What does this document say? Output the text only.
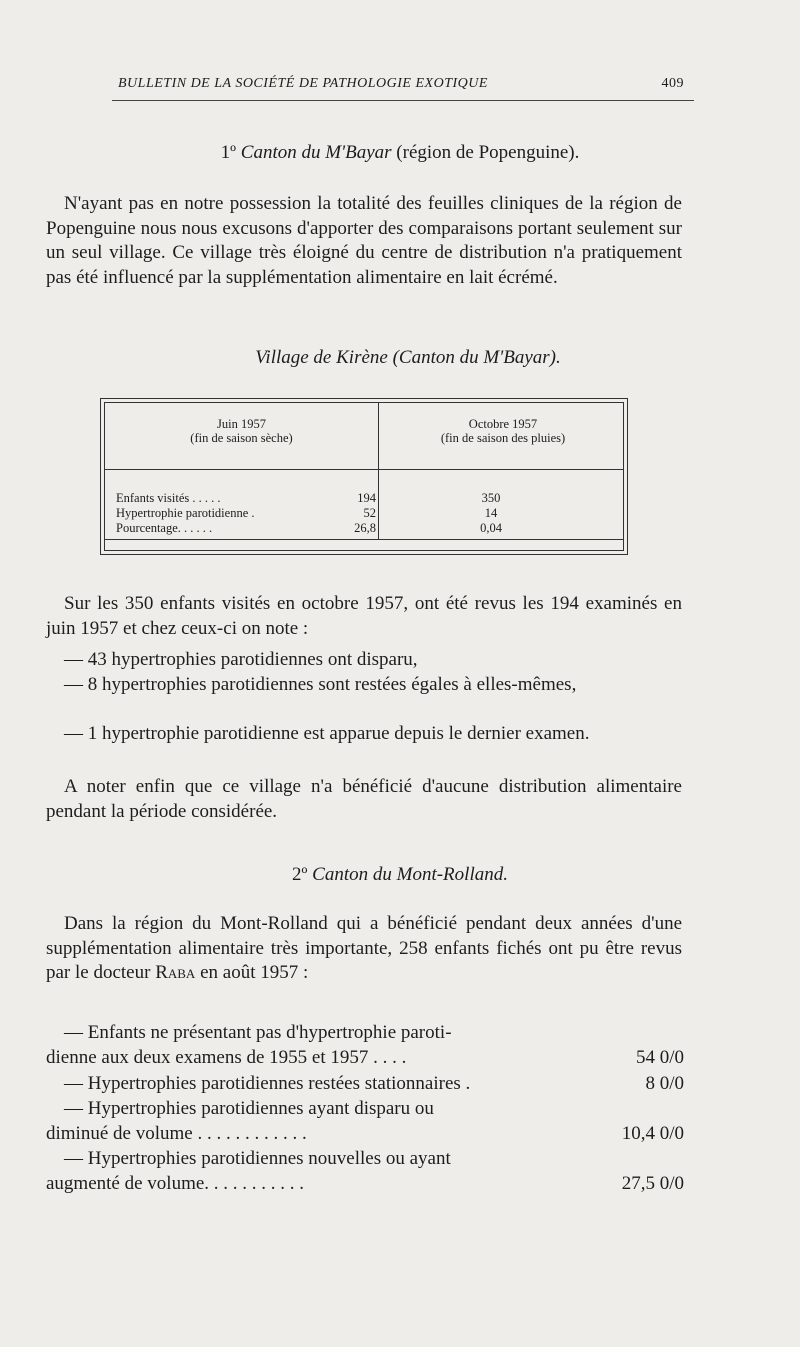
BULLETIN DE LA SOCIÉTÉ DE PATHOLOGIE EXOTIQUE	409
1º Canton du M'Bayar (région de Popenguine).

N'ayant pas en notre possession la totalité des feuilles cliniques de la région de Popenguine nous nous excusons d'apporter des comparaisons portant seulement sur un seul village. Ce village très éloigné du centre de distribution n'a pratiquement pas été influencé par la supplémentation alimentaire en lait écrémé.

Village de Kirène (Canton du M'Bayar).
Juin 1957
(fin de saison sèche)
Octobre 1957
(fin de saison des pluies)
Enfants visités . . . . .	194	350
Hypertrophie parotidienne .	52	14
Pourcentage. . . . . .	26,8	0,04

Sur les 350 enfants visités en octobre 1957, ont été revus les 194 examinés en juin 1957 et chez ceux-ci on note :

— 43 hypertrophies parotidiennes ont disparu,

— 8 hypertrophies parotidiennes sont restées égales à elles-mêmes,

— 1 hypertrophie parotidienne est apparue depuis le dernier examen.

A noter enfin que ce village n'a bénéficié d'aucune distribution alimentaire pendant la période considérée.

2º Canton du Mont-Rolland.

Dans la région du Mont-Rolland qui a bénéficié pendant deux années d'une supplémentation alimentaire très importante, 258 enfants fichés ont pu être revus par le docteur Raba en août 1957 :

— Enfants ne présentant pas d'hypertrophie paroti-
dienne aux deux examens de 1955 et 1957 . . . .	54 0/0
— Hypertrophies parotidiennes restées stationnaires .	8 0/0
— Hypertrophies parotidiennes ayant disparu ou
diminué de volume . . . . . . . . . . . .	10,4 0/0
— Hypertrophies parotidiennes nouvelles ou ayant
augmenté de volume. . . . . . . . . . .	27,5 0/0
